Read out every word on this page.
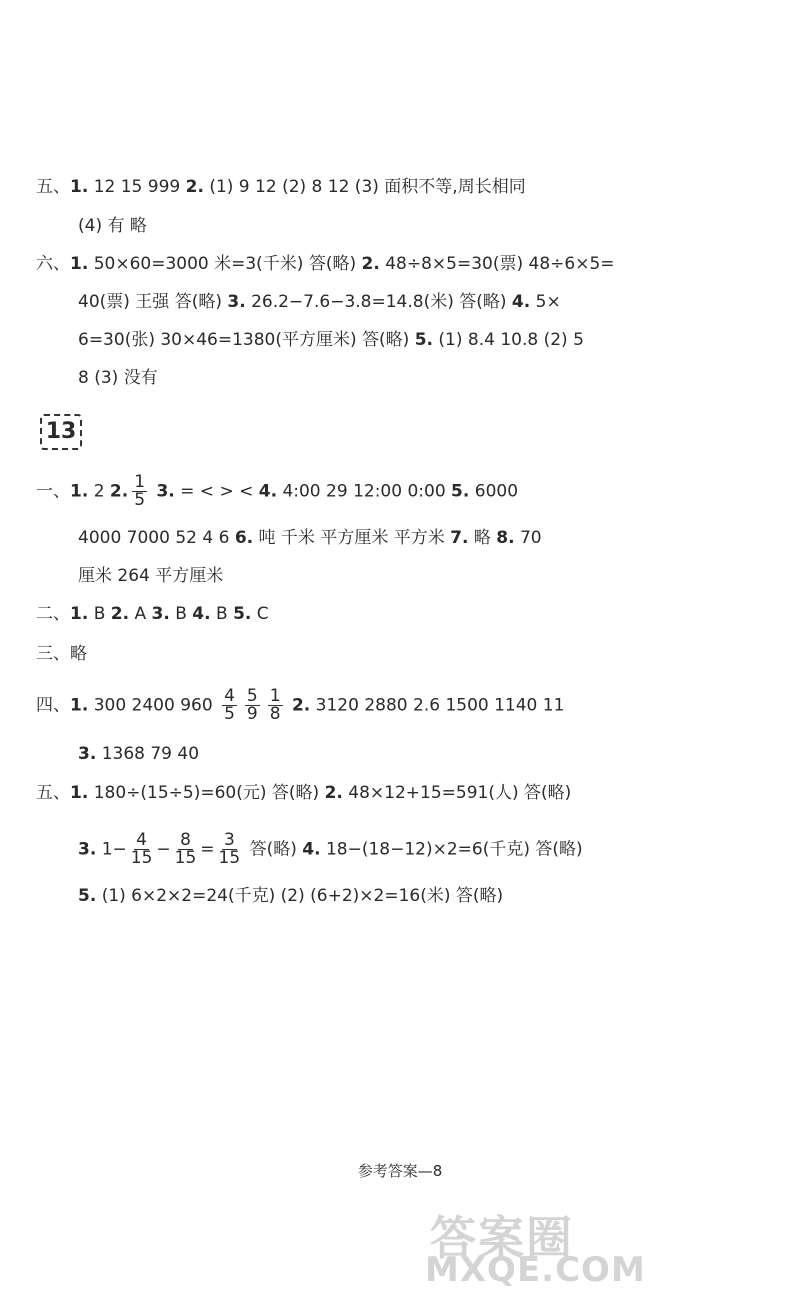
五、1. 12 15 999 2. (1) 9 12 (2) 8 12 (3) 面积不等,周长相同
(4) 有 略
六、1. 50×60=3000 米=3(千米) 答(略) 2. 48÷8×5=30(票) 48÷6×5=
40(票) 王强 答(略) 3. 26.2−7.6−3.8=14.8(米) 答(略) 4. 5×
6=30(张) 30×46=1380(平方厘米) 答(略) 5. (1) 8.4 10.8 (2) 5
8 (3) 没有
13
一、1. 2 2. $\frac{1}{5} 3$. = < > < 4. 4:00 29 12:00 0:00 5. 6000
4000 7000 52 4 6 6. 吨 千米 平方厘米 平方米 7. 略 8. 70
厘米 264 平方厘米
二、1. B 2. A 3. B 4. B 5. C
三、略
四、1. 300 2400 $960 \frac{4}{5} \frac{5}{9} \frac{1}{8} 2$. 3120 2880 2.6 1500 1140 11
3. 1368 79 40
五、1. 180÷(15÷5)=60(元) 答(略) 2. 48×12+15=591(人) 答(略)
3. $1- \frac{4}{15} - \frac{8}{15} = \frac{3}{15}$ 答(略) 4. 18−(18−12)×2=6(千克) 答(略)
5. (1) 6×2×2=24(千克) (2) (6+2)×2=16(米) 答(略)
参考答案—8
答案圈
MXQE.COM
